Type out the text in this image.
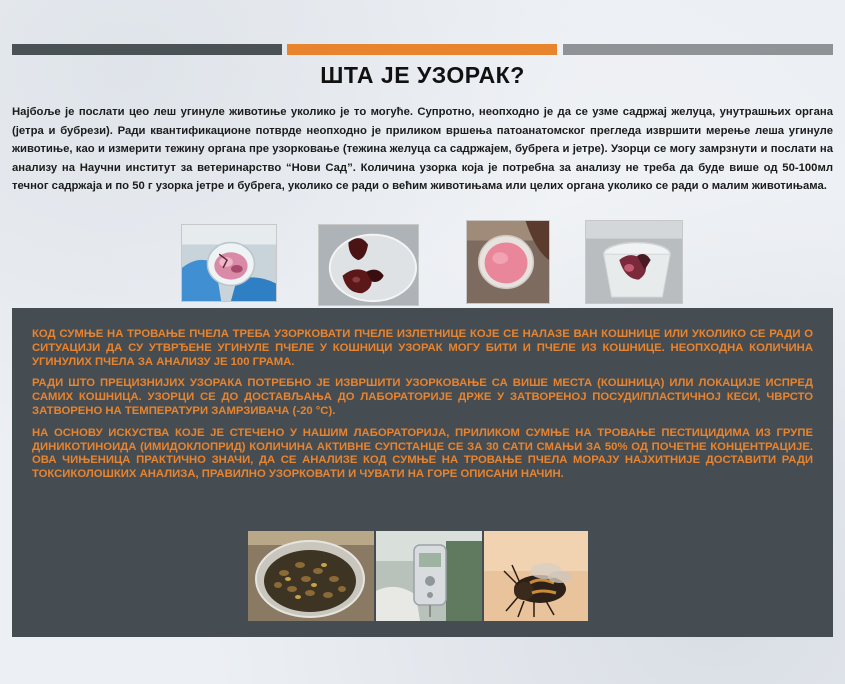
ШТА ЈЕ УЗОРАК?

Најбоље је послати цео леш угинуле животиње уколико је то могуће. Супротно, неопходно је да се узме садржај желуца, унутрашњих органа (јетра и бубрези). Ради квантификационе потврде неопходно је приликом вршења патоанатомског прегледа извршити мерење леша угинуле животиње, као и измерити тежину органа пре узорковање (тежина желуца са садржајем, бубрега и јетре). Узорци се могу замрзнути и послати на анализу на Научни институт за ветеринарство “Нови Сад”. Количина узорка која је потребна за анализу не треба да буде више од 50-100мл течног садржаја и по 50 г узорка јетре и бубрега, уколико се ради о већим животињама или целих органа уколико се ради о малим животињама.

КОД СУМЊЕ НА ТРОВАЊЕ ПЧЕЛА ТРЕБА УЗОРКОВАТИ ПЧЕЛЕ ИЗЛЕТНИЦЕ КОЈЕ СЕ НАЛАЗЕ ВАН КОШНИЦЕ ИЛИ УКОЛИКО СЕ РАДИ О СИТУАЦИЈИ ДА СУ УТВРЂЕНЕ УГИНУЛЕ ПЧЕЛЕ У КОШНИЦИ УЗОРАК МОГУ БИТИ И ПЧЕЛЕ ИЗ КОШНИЦЕ. НЕОПХОДНА КОЛИЧИНА УГИНУЛИХ ПЧЕЛА ЗА АНАЛИЗУ ЈЕ 100 ГРАМА.

РАДИ ШТО ПРЕЦИЗНИЈИХ УЗОРАКА ПОТРЕБНО ЈЕ ИЗВРШИТИ УЗОРКОВАЊЕ СА ВИШЕ МЕСТА (КОШНИЦА) ИЛИ ЛОКАЦИЈЕ ИСПРЕД САМИХ КОШНИЦА. УЗОРЦИ СЕ ДО ДОСТАВЉАЊА ДО ЛАБОРАТОРИЈЕ ДРЖЕ У ЗАТВОРЕНОЈ ПОСУДИ/ПЛАСТИЧНОЈ КЕСИ, ЧВРСТО ЗАТВОРЕНО НА ТЕМПЕРАТУРИ ЗАМРЗИВАЧА (-20 °C).

НА ОСНОВУ ИСКУСТВА КОЈЕ ЈЕ СТЕЧЕНО У НАШИМ ЛАБОРАТОРИЈА, ПРИЛИКОМ СУМЊЕ НА ТРОВАЊЕ ПЕСТИЦИДИМА ИЗ ГРУПЕ ДИНИКОТИНОИДА (ИМИДОКЛОПРИД) КОЛИЧИНА АКТИВНЕ СУПСТАНЦЕ СЕ ЗА 30 САТИ СМАЊИ ЗА 50% ОД ПОЧЕТНЕ КОНЦЕНТРАЦИЈЕ. ОВА ЧИЊЕНИЦА ПРАКТИЧНО ЗНАЧИ, ДА СЕ АНАЛИЗЕ КОД СУМЊЕ НА ТРОВАЊЕ ПЧЕЛА МОРАЈУ НАЈХИТНИЈЕ ДОСТАВИТИ РАДИ ТОКСИКОЛОШКИХ АНАЛИЗА, ПРАВИЛНО УЗОРКОВАТИ И ЧУВАТИ НА ГОРЕ ОПИСАНИ НАЧИН.
